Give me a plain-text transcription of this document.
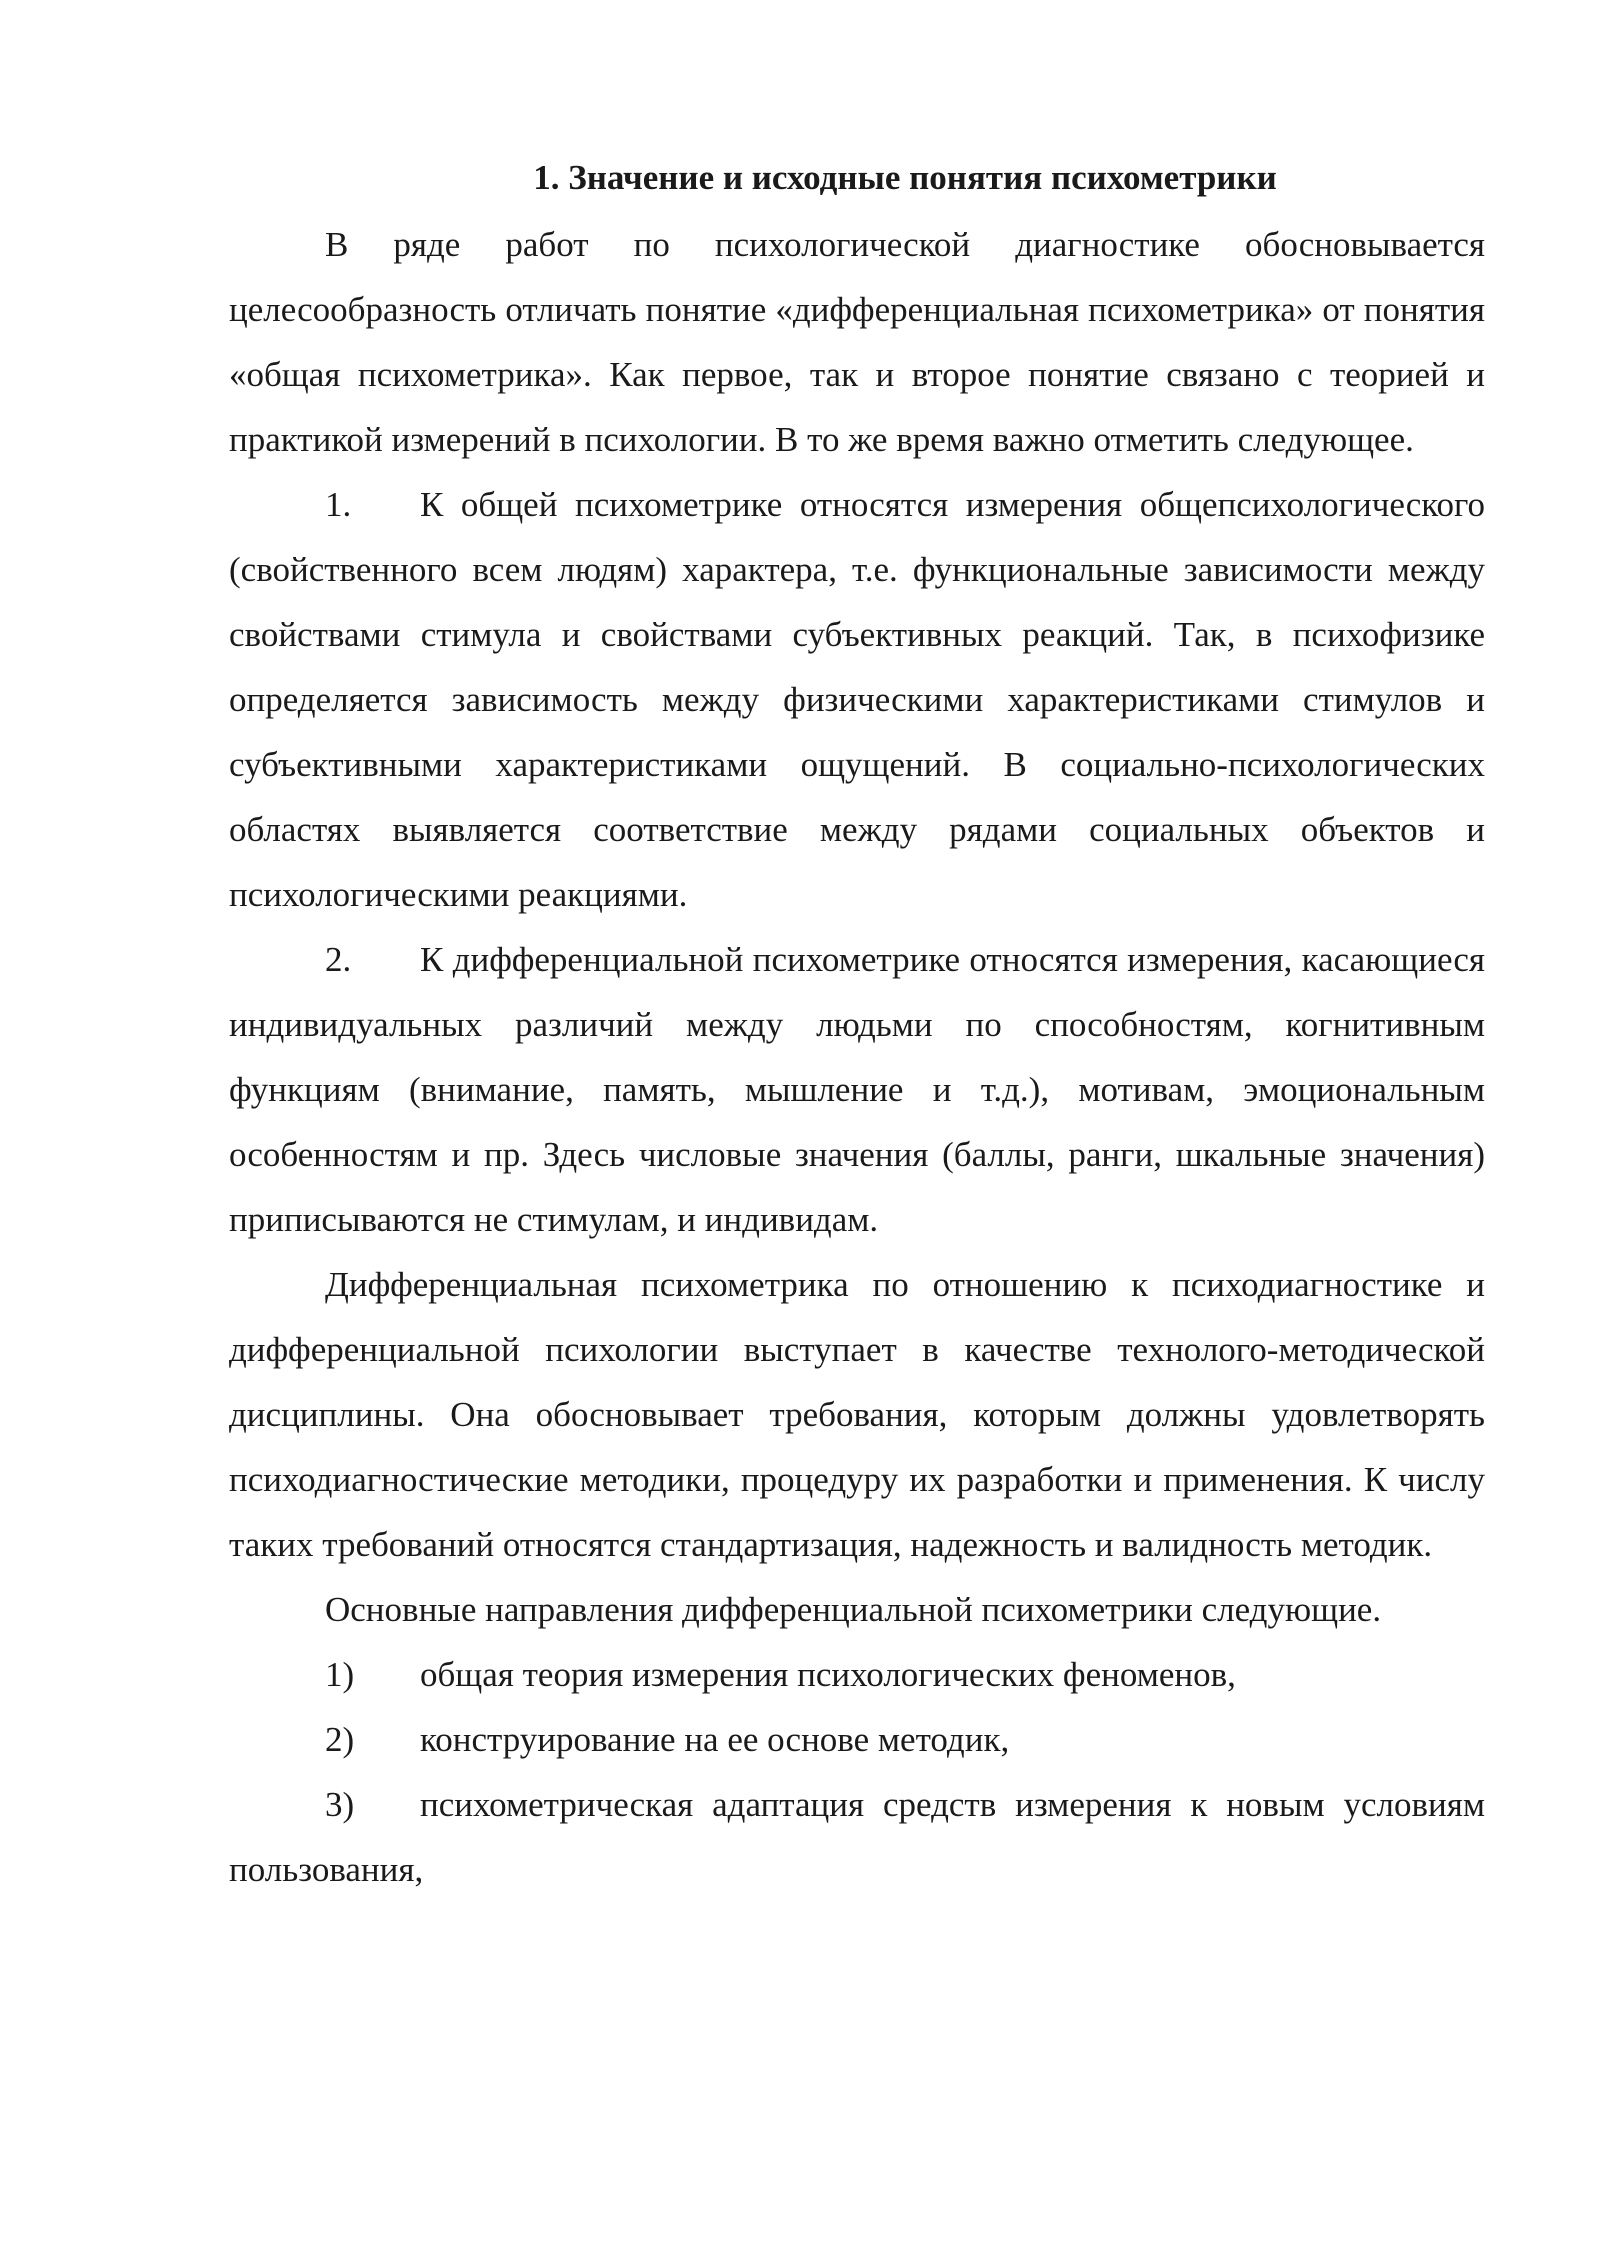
1. Значение и исходные понятия психометрики

В ряде работ по психологической диагностике обосновывается целесообразность отличать понятие «дифференциальная психометрика» от понятия «общая психометрика». Как первое, так и второе понятие связано с теорией и практикой измерений в психологии. В то же время важно отметить следующее.

1. К общей психометрике относятся измерения общепсихологического (свойственного всем людям) характера, т.е. функциональные зависимости между свойствами стимула и свойствами субъективных реакций. Так, в психофизике определяется зависимость между физическими характеристиками стимулов и субъективными характеристиками ощущений. В социально-психологических областях выявляется соответствие между рядами социальных объектов и психологическими реакциями.

2. К дифференциальной психометрике относятся измерения, касающиеся индивидуальных различий между людьми по способностям, когнитивным функциям (внимание, память, мышление и т.д.), мотивам, эмоциональным особенностям и пр. Здесь числовые значения (баллы, ранги, шкальные значения) приписываются не стимулам, и индивидам.

Дифференциальная психометрика по отношению к психодиагностике и дифференциальной психологии выступает в качестве технолого-методической дисциплины. Она обосновывает требования, которым должны удовлетворять психодиагностические методики, процедуру их разработки и применения. К числу таких требований относятся стандартизация, надежность и валидность методик.

Основные направления дифференциальной психометрики следующие.

1) общая теория измерения психологических феноменов,

2) конструирование на ее основе методик,

3) психометрическая адаптация средств измерения к новым условиям пользования,
